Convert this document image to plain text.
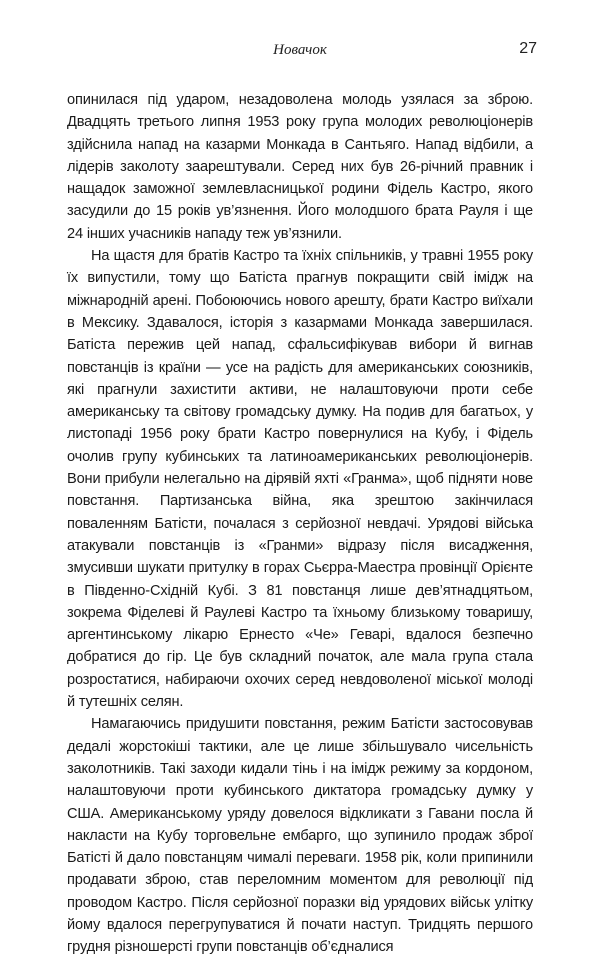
Новачок	27

опинилася під ударом, незадоволена молодь узялася за зброю. Двадцять третього липня 1953 року група молодих революціонерів здійснила напад на казарми Монкада в Сантьяго. Напад відбили, а лідерів заколоту заарештували. Серед них був 26-річний правник і нащадок заможної землевласницької родини Фідель Кастро, якого засудили до 15 років ув’язнення. Його молодшого брата Рауля і ще 24 інших учасників нападу теж ув’язнили.

На щастя для братів Кастро та їхніх спільників, у травні 1955 року їх випустили, тому що Батіста прагнув покращити свій імідж на міжнародній арені. Побоюючись нового арешту, брати Кастро виїхали в Мексику. Здавалося, історія з казармами Монкада завершилася. Батіста пережив цей напад, сфальсифікував вибори й вигнав повстанців із країни — усе на радість для американських союзників, які прагнули захистити активи, не налаштовуючи проти себе американську та світову громадську думку. На подив для багатьох, у листопаді 1956 року брати Кастро повернулися на Кубу, і Фідель очолив групу кубинських та латиноамериканських революціонерів. Вони прибули нелегально на дірявій яхті «Гранма», щоб підняти нове повстання. Партизанська війна, яка зрештою закінчилася поваленням Батісти, почалася з серйозної невдачі. Урядові війська атакували повстанців із «Гранми» відразу після висадження, змусивши шукати притулку в горах Сьєрра-Маестра провінції Орієнте в Південно-Східній Кубі. З 81 повстанця лише дев’ятнадцятьом, зокрема Фіделеві й Раулеві Кастро та їхньому близькому товаришу, аргентинському лікарю Ернесто «Че» Геварі, вдалося безпечно добратися до гір. Це був складний початок, але мала група стала розростатися, набираючи охочих серед невдоволеної міської молоді й тутешніх селян.

Намагаючись придушити повстання, режим Батісти застосовував дедалі жорстокіші тактики, але це лише збільшувало чисельність заколотників. Такі заходи кидали тінь і на імідж режиму за кордоном, налаштовуючи проти кубинського диктатора громадську думку у США. Американському уряду довелося відкликати з Гавани посла й накласти на Кубу торговельне ембарго, що зупинило продаж зброї Батісті й дало повстанцям чималі переваги. 1958 рік, коли припинили продавати зброю, став переломним моментом для революції під проводом Кастро. Після серйозної поразки від урядових військ улітку йому вдалося перегрупуватися й почати наступ. Тридцять першого грудня різношерсті групи повстанців об’єдналися
